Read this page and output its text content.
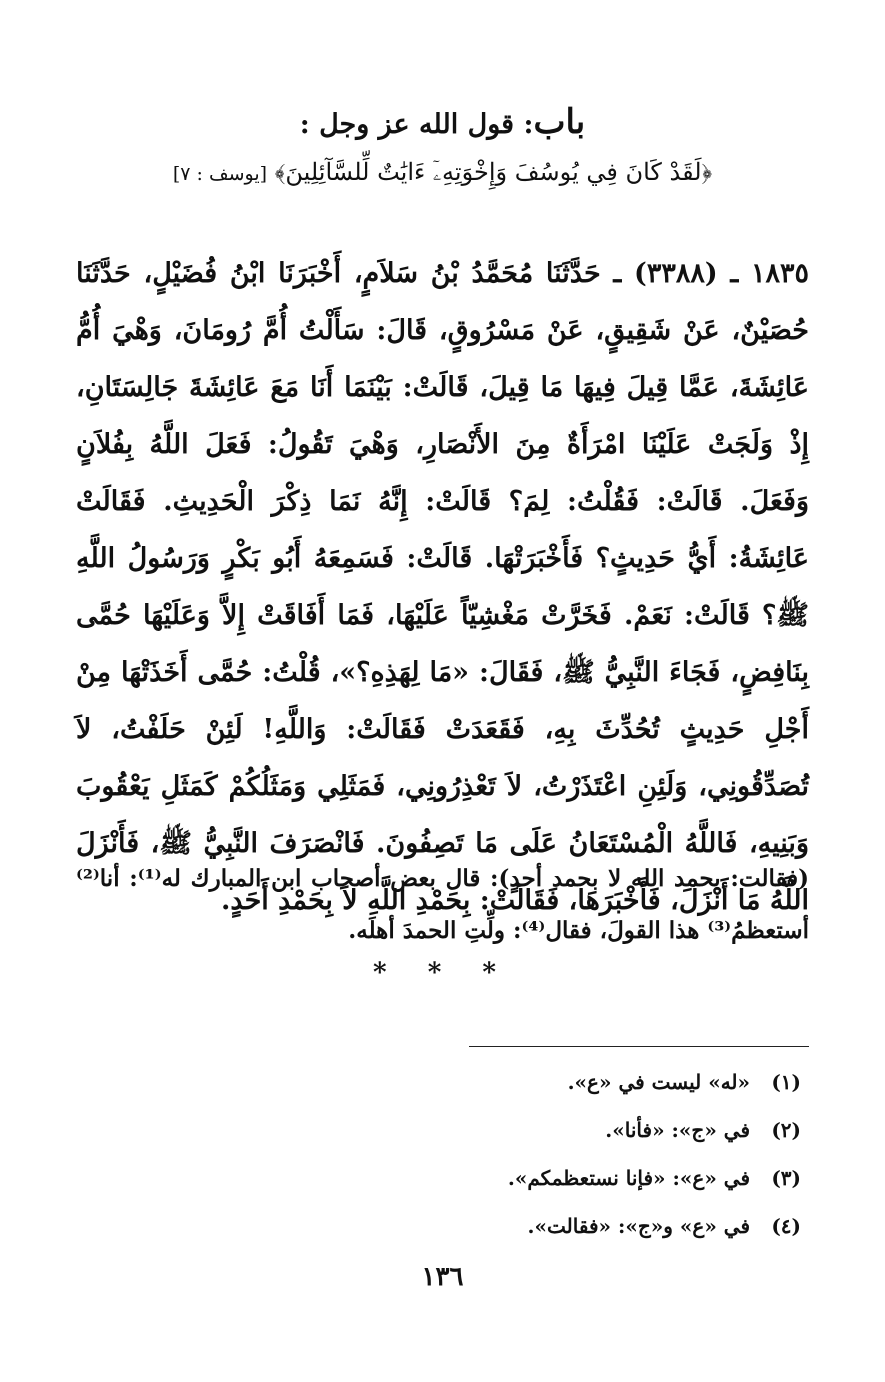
باب: قول الله عز وجل :
﴿لَقَدْ كَانَ فِي يُوسُفَ وَإِخْوَتِهِۦٓ ءَايَٰتٌ لِّلسَّآئِلِينَ﴾ [يوسف : ٧]

١٨٣٥ ـ (٣٣٨٨) ـ حَدَّثَنَا مُحَمَّدُ بْنُ سَلاَمٍ، أَخْبَرَنَا ابْنُ فُضَيْلٍ، حَدَّثَنَا حُصَيْنٌ، عَنْ شَقِيقٍ، عَنْ مَسْرُوقٍ، قَالَ: سَأَلْتُ أُمَّ رُومَانَ، وَهْيَ أُمُّ عَائِشَةَ، عَمَّا قِيلَ فِيهَا مَا قِيلَ، قَالَتْ: بَيْنَمَا أَنَا مَعَ عَائِشَةَ جَالِسَتَانِ، إِذْ وَلَجَتْ عَلَيْنَا امْرَأَةٌ مِنَ الأَنْصَارِ، وَهْيَ تَقُولُ: فَعَلَ اللَّهُ بِفُلاَنٍ وَفَعَلَ. قَالَتْ: فَقُلْتُ: لِمَ؟ قَالَتْ: إِنَّهُ نَمَا ذِكْرَ الْحَدِيثِ. فَقَالَتْ عَائِشَةُ: أَيُّ حَدِيثٍ؟ فَأَخْبَرَتْهَا. قَالَتْ: فَسَمِعَهُ أَبُو بَكْرٍ وَرَسُولُ اللَّهِ ﷺ؟ قَالَتْ: نَعَمْ. فَخَرَّتْ مَغْشِيّاً عَلَيْهَا، فَمَا أَفَاقَتْ إِلاَّ وَعَلَيْهَا حُمَّى بِنَافِضٍ، فَجَاءَ النَّبِيُّ ﷺ، فَقَالَ: «مَا لِهَذِهِ؟»، قُلْتُ: حُمَّى أَخَذَتْهَا مِنْ أَجْلِ حَدِيثٍ تُحُدِّثَ بِهِ، فَقَعَدَتْ فَقَالَتْ: وَاللَّهِ! لَئِنْ حَلَفْتُ، لاَ تُصَدِّقُونِي، وَلَئِنِ اعْتَذَرْتُ، لاَ تَعْذِرُونِي، فَمَثَلِي وَمَثَلُكُمْ كَمَثَلِ يَعْقُوبَ وَبَنِيهِ، فَاللَّهُ الْمُسْتَعَانُ عَلَى مَا تَصِفُونَ. فَانْصَرَفَ النَّبِيُّ ﷺ، فَأَنْزَلَ اللَّهُ مَا أَنْزَلَ، فَأَخْبَرَهَا، فَقَالَتْ: بِحَمْدِ اللَّهِ لاَ بِحَمْدِ أَحَدٍ.

(فقالت: بحمد الله لا بحمد أحدٍ): قال بعض أصحاب ابن المبارك له⁽¹⁾: أنا⁽²⁾ أستعظمُ⁽³⁾ هذا القولَ، فقال⁽⁴⁾: ولِّتِ الحمدَ أهلَه.

* * *
(١) «له» ليست في «ع».
(٢) في «ج»: «فأنا».
(٣) في «ع»: «فإنا نستعظمكم».
(٤) في «ع» و«ج»: «فقالت».
١٣٦
